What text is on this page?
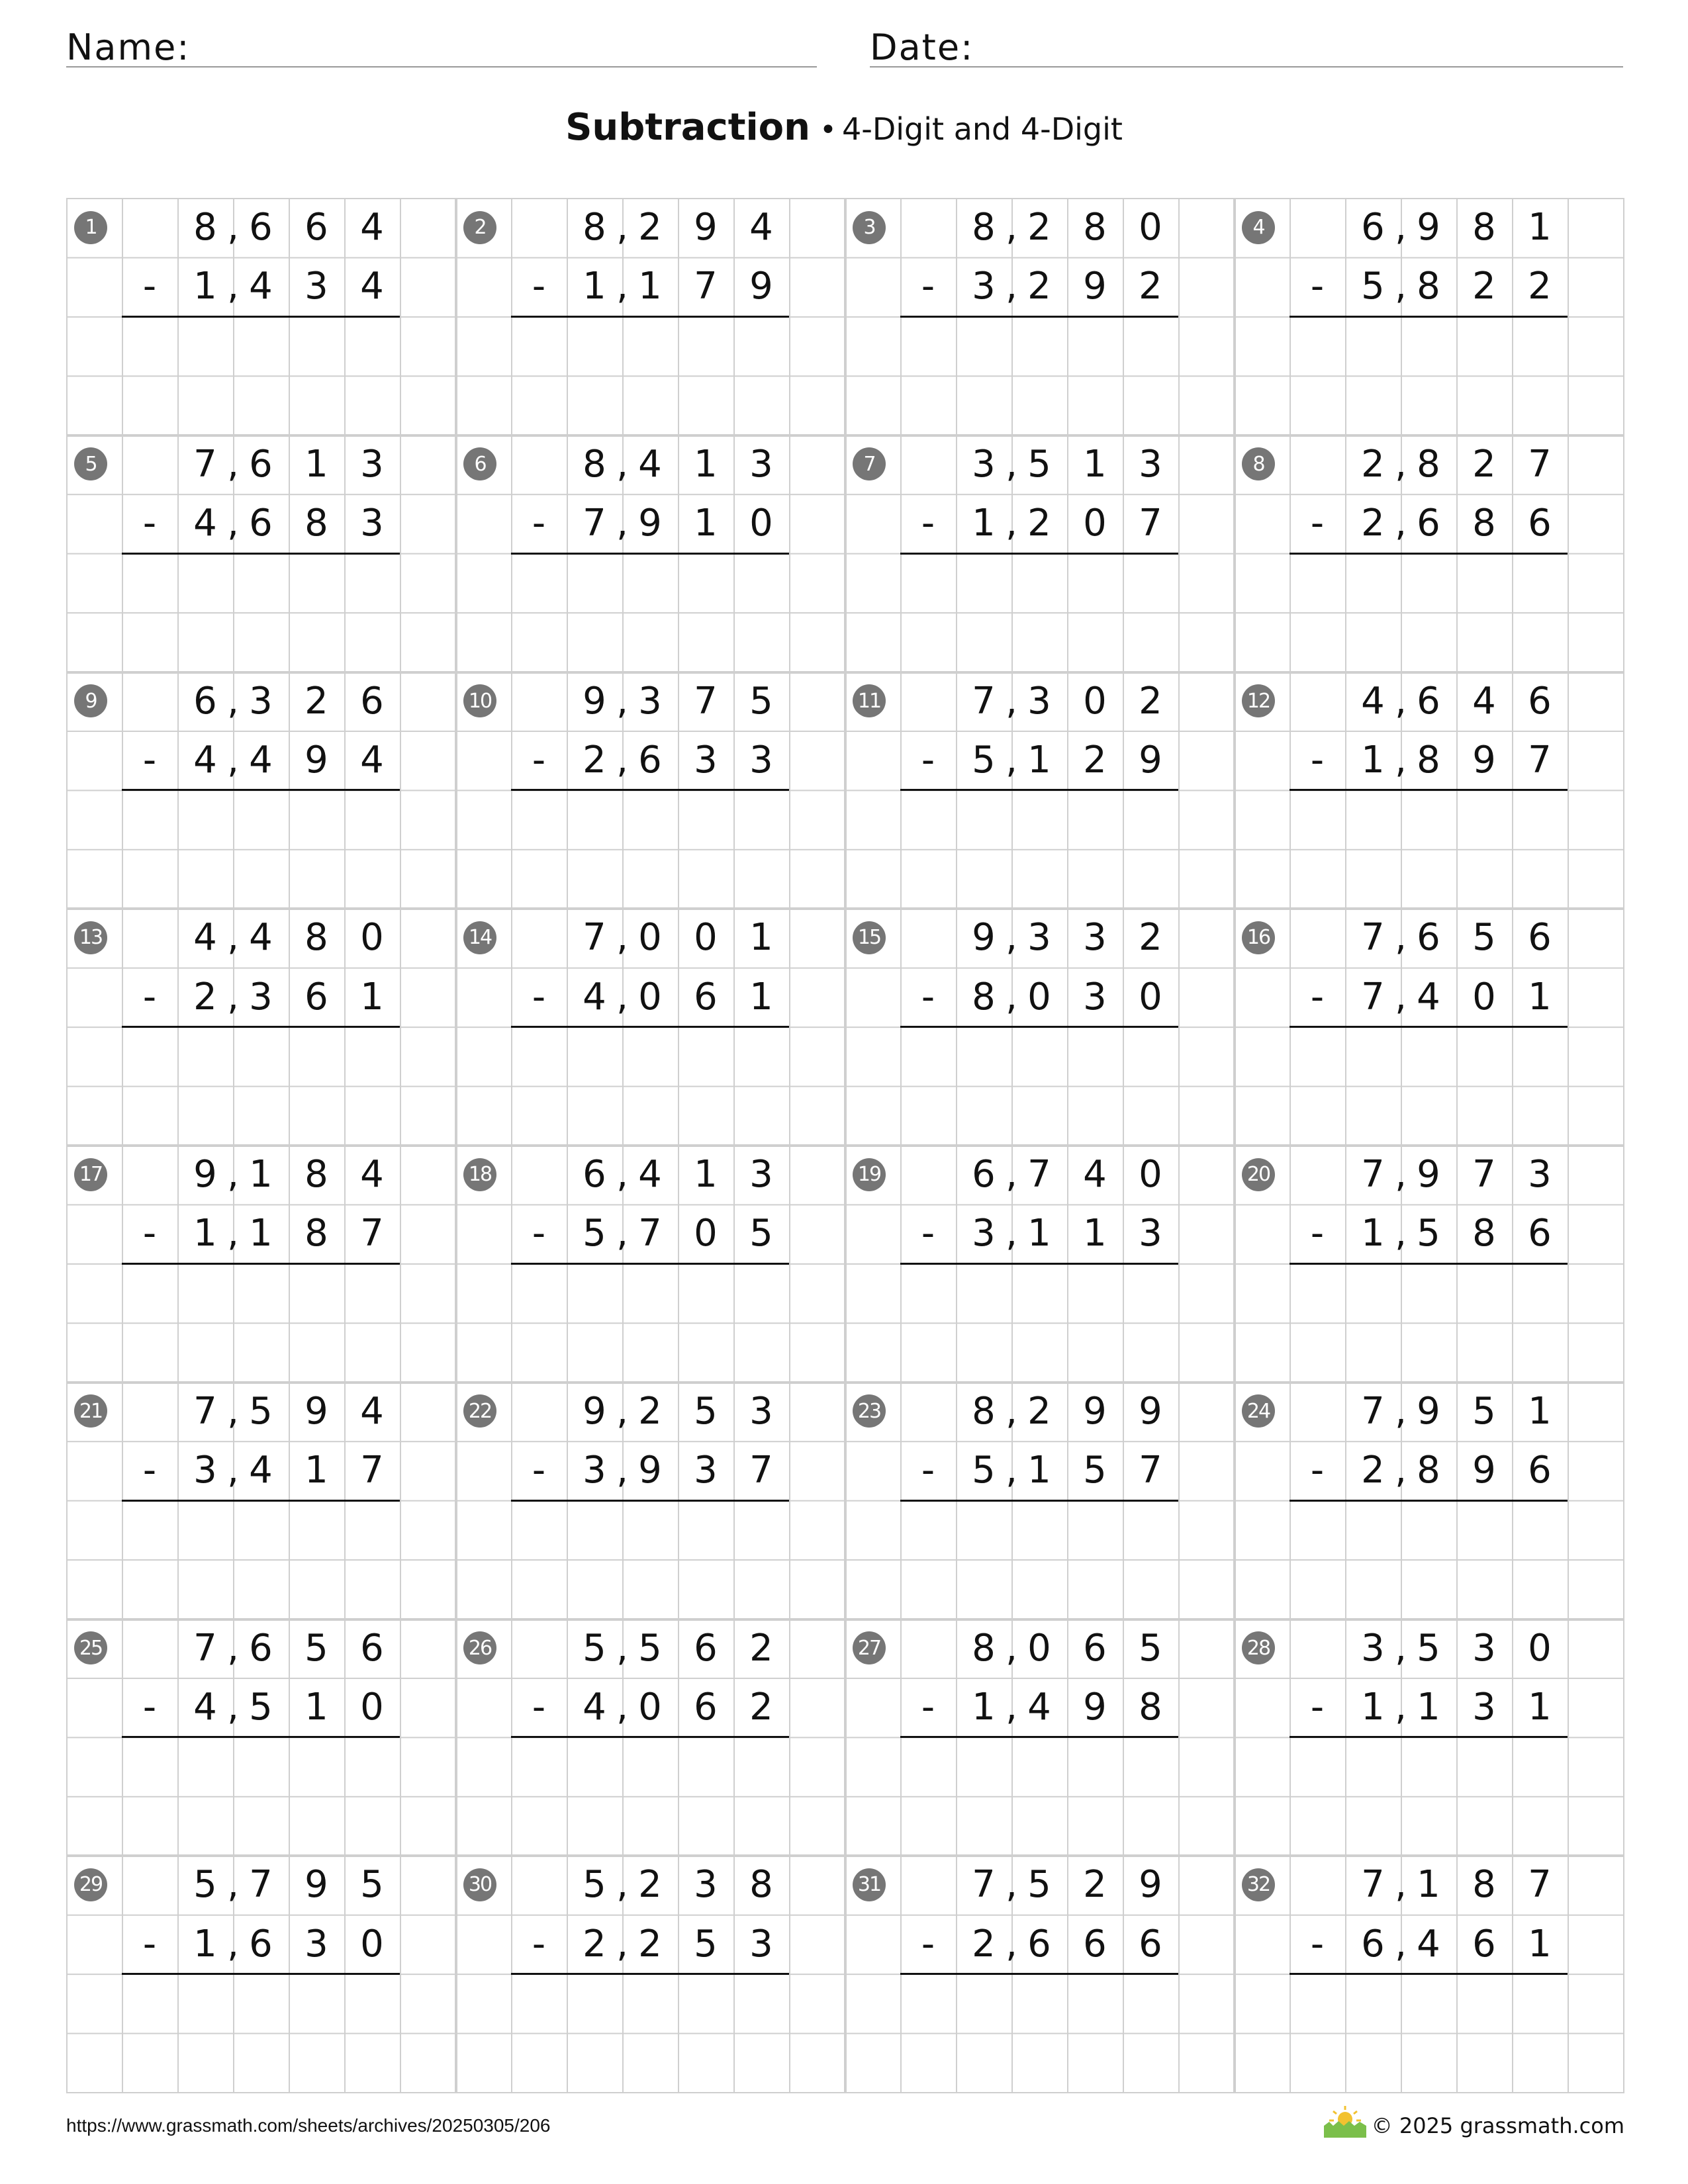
Name:	Date:
Subtraction • 4-Digit and 4-Digit
1	8 6 6 4
,
1 4 3 4
,
-
2	8 2 9 4
,
1 1 7 9
,
-
3	8 2 8 0
,
3 2 9 2
,
-
4	6 9 8 1
,
5 8 2 2
,
-
5	7 6 1 3
,
4 6 8 3
,
-
6	8 4 1 3
,
7 9 1 0
,
-
7	3 5 1 3
,
1 2 0 7
,
-
8	2 8 2 7
,
2 6 8 6
,
-
9	6 3 2 6
,
4 4 9 4
,
-
10	9 3 7 5
,
2 6 3 3
,
-
11	7 3 0 2
,
5 1 2 9
,
-
12	4 6 4 6
,
1 8 9 7
,
-
13	4 4 8 0
,
2 3 6 1
,
-
14	7 0 0 1
,
4 0 6 1
,
-
15	9 3 3 2
,
8 0 3 0
,
-
16	7 6 5 6
,
7 4 0 1
,
-
17	9 1 8 4
,
1 1 8 7
,
-
18	6 4 1 3
,
5 7 0 5
,
-
19	6 7 4 0
,
3 1 1 3
,
-
20	7 9 7 3
,
1 5 8 6
,
-
21	7 5 9 4
,
3 4 1 7
,
-
22	9 2 5 3
,
3 9 3 7
,
-
23	8 2 9 9
,
5 1 5 7
,
-
24	7 9 5 1
,
2 8 9 6
,
-
25	7 6 5 6
,
4 5 1 0
,
-
26	5 5 6 2
,
4 0 6 2
,
-
27	8 0 6 5
,
1 4 9 8
,
-
28	3 5 3 0
,
1 1 3 1
,
-
29	5 7 9 5
,
1 6 3 0
,
-
30	5 2 3 8
,
2 2 5 3
,
-
31	7 5 2 9
,
2 6 6 6
,
-
32	7 1 8 7
,
6 4 6 1
,
-
https://www.grassmath.com/sheets/archives/20250305/206	© 2025 grassmath.com
